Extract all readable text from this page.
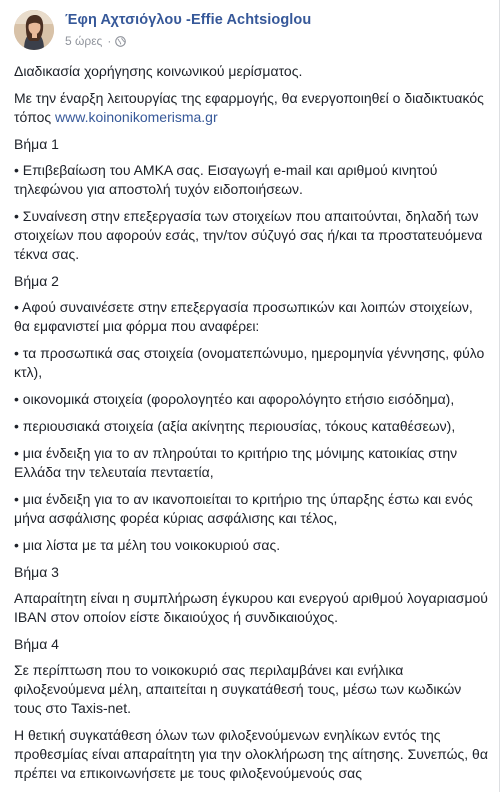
Έφη Αχτσιόγλου -Effie Achtsioglou
5 ώρες ·

Διαδικασία χορήγησης κοινωνικού μερίσματος.

Με την έναρξη λειτουργίας της εφαρμογής, θα ενεργοποιηθεί ο διαδικτυακός τόπος www.koinonikomerisma.gr

Βήμα 1

• Επιβεβαίωση του ΑΜΚΑ σας. Εισαγωγή e-mail και αριθμού κινητού τηλεφώνου για αποστολή τυχόν ειδοποιήσεων.

• Συναίνεση στην επεξεργασία των στοιχείων που απαιτούνται, δηλαδή των στοιχείων που αφορούν εσάς, την/τον σύζυγό σας ή/και τα προστατευόμενα τέκνα σας.

Βήμα 2

• Αφού συναινέσετε στην επεξεργασία προσωπικών και λοιπών στοιχείων, θα εμφανιστεί μια φόρμα που αναφέρει:

• τα προσωπικά σας στοιχεία (ονοματεπώνυμο, ημερομηνία γέννησης, φύλο κτλ),

• οικονομικά στοιχεία (φορολογητέο και αφορολόγητο ετήσιο εισόδημα),

• περιουσιακά στοιχεία (αξία ακίνητης περιουσίας, τόκους καταθέσεων),

• μια ένδειξη για το αν πληρούται το κριτήριο της μόνιμης κατοικίας στην Ελλάδα την τελευταία πενταετία,

• μια ένδειξη για το αν ικανοποιείται το κριτήριο της ύπαρξης έστω και ενός μήνα ασφάλισης φορέα κύριας ασφάλισης και τέλος,

• μια λίστα με τα μέλη του νοικοκυριού σας.

Βήμα 3

Απαραίτητη είναι η συμπλήρωση έγκυρου και ενεργού αριθμού λογαριασμού IBAN στον οποίον είστε δικαιούχος ή συνδικαιούχος.

Βήμα 4

Σε περίπτωση που το νοικοκυριό σας περιλαμβάνει και ενήλικα φιλοξενούμενα μέλη, απαιτείται η συγκατάθεσή τους, μέσω των κωδικών τους στο Taxis-net.

Η θετική συγκατάθεση όλων των φιλοξενούμενων ενηλίκων εντός της προθεσμίας είναι απαραίτητη για την ολοκλήρωση της αίτησης. Συνεπώς, θα πρέπει να επικοινωνήσετε με τους φιλοξενούμενούς σας
